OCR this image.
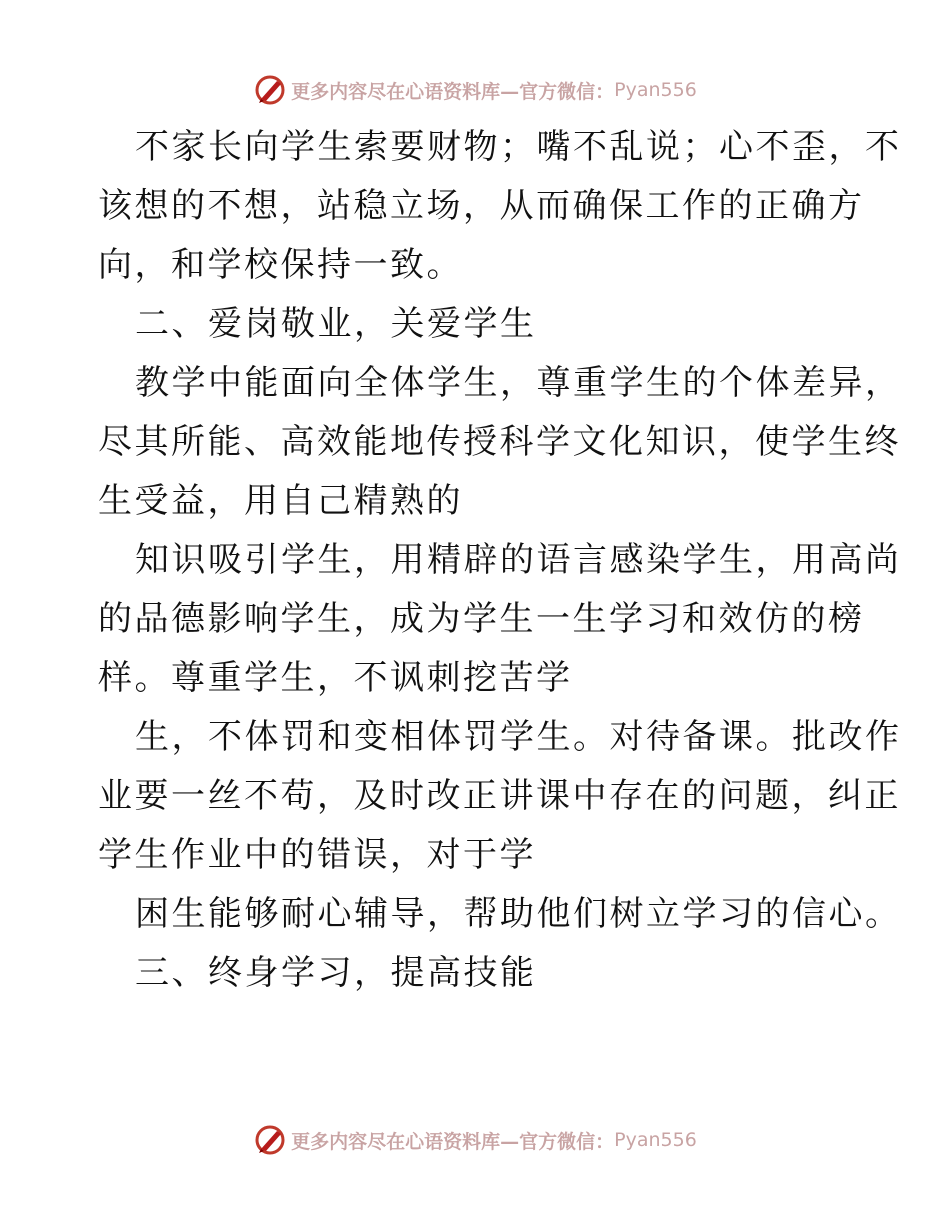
更多内容尽在心语资料库—官方微信： Pyan556
不家长向学生索要财物；嘴不乱说；心不歪，不
该想的不想，站稳立场，从而确保工作的正确方
向，和学校保持一致。
二、爱岗敬业，关爱学生
教学中能面向全体学生，尊重学生的个体差异，
尽其所能、高效能地传授科学文化知识，使学生终
生受益，用自己精熟的
知识吸引学生，用精辟的语言感染学生，用高尚
的品德影响学生，成为学生一生学习和效仿的榜
样。尊重学生，不讽刺挖苦学
生，不体罚和变相体罚学生。对待备课。批改作
业要一丝不苟，及时改正讲课中存在的问题，纠正
学生作业中的错误，对于学
困生能够耐心辅导，帮助他们树立学习的信心。
三、终身学习，提高技能
更多内容尽在心语资料库—官方微信： Pyan556
